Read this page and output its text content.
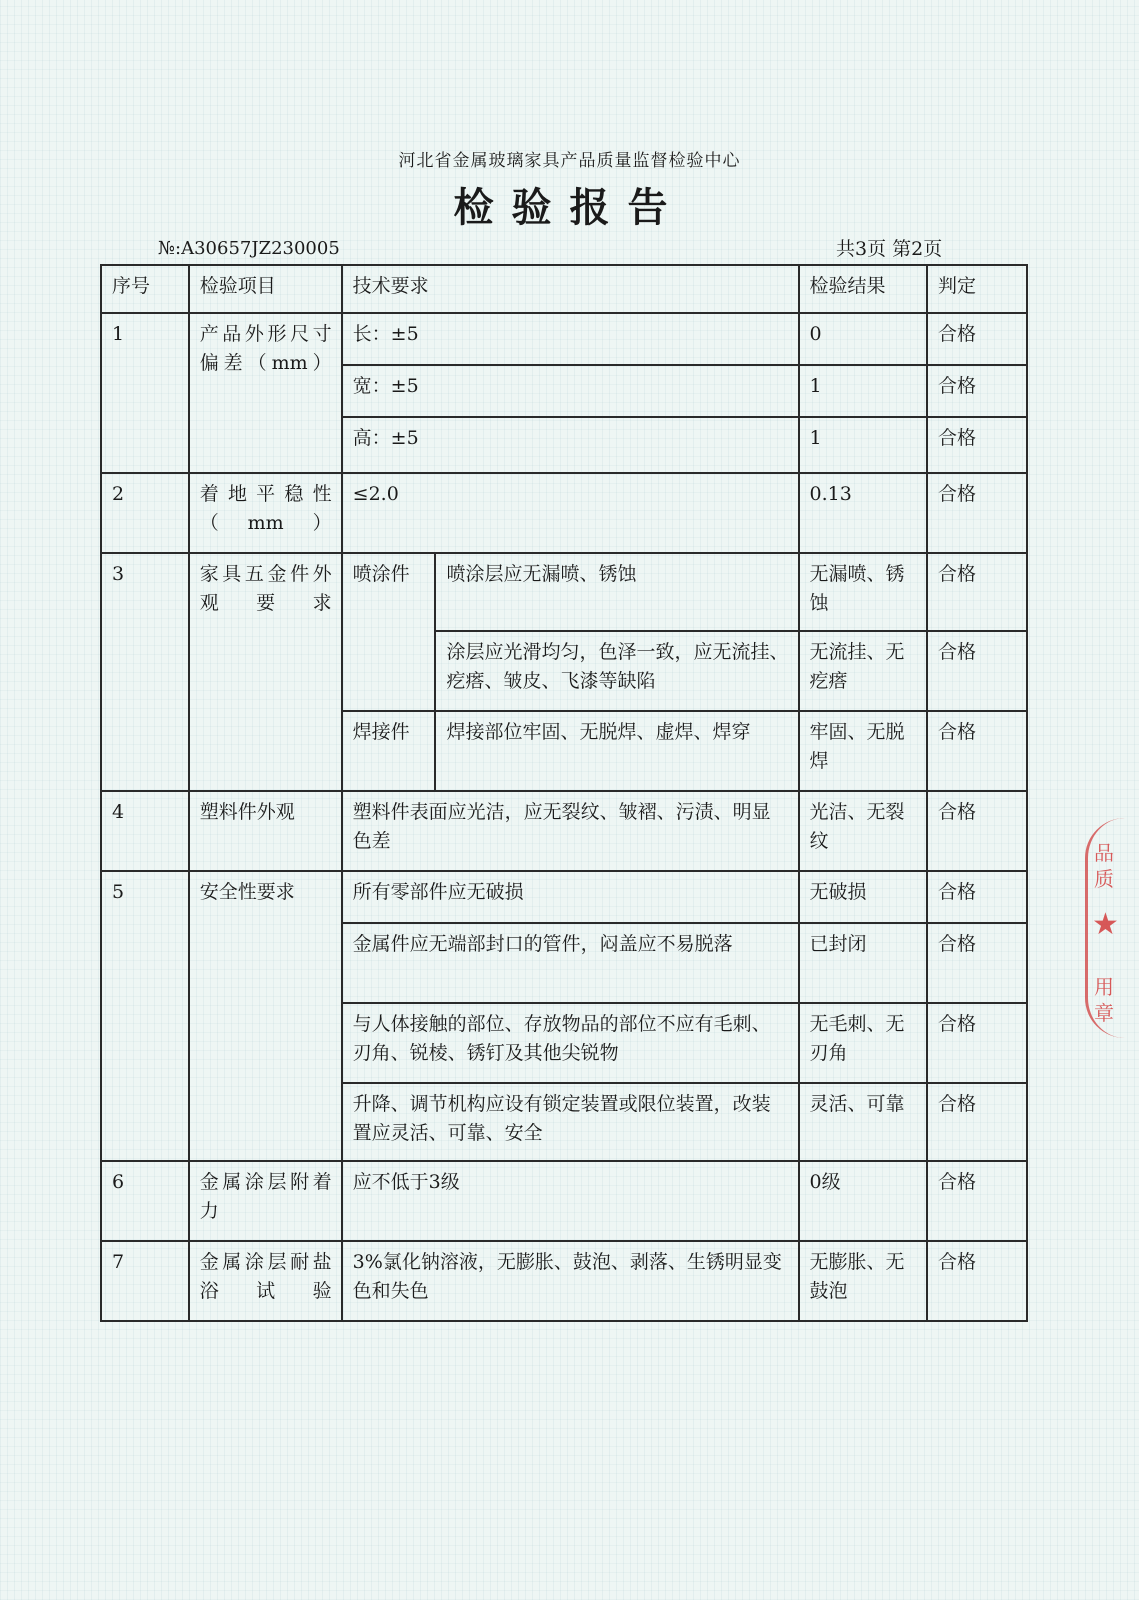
河北省金属玻璃家具产品质量监督检验中心
检验报告
№:A30657JZ230005	共3页 第2页
序号	检验项目	技术要求		检验结果	判定
1	产品外形尺寸偏差（mm）	长：±5		0	合格
		宽：±5		1	合格
		高：±5		1	合格
2	着地平稳性（mm）	≤2.0		0.13	合格
3	家具五金件外观要求	喷涂件	喷涂层应无漏喷、锈蚀	无漏喷、锈蚀	合格
			涂层应光滑均匀，色泽一致，应无流挂、疙瘩、皱皮、飞漆等缺陷	无流挂、无疙瘩	合格
		焊接件	焊接部位牢固、无脱焊、虚焊、焊穿	牢固、无脱焊	合格
4	塑料件外观	塑料件表面应光洁，应无裂纹、皱褶、污渍、明显色差		光洁、无裂纹	合格
5	安全性要求	所有零部件应无破损		无破损	合格
		金属件应无端部封口的管件，闷盖应不易脱落		已封闭	合格
		与人体接触的部位、存放物品的部位不应有毛刺、刃角、锐棱、锈钉及其他尖锐物		无毛刺、无刃角	合格
		升降、调节机构应设有锁定装置或限位装置，改装置应灵活、可靠、安全		灵活、可靠	合格
6	金属涂层附着力	应不低于3级		0级	合格
7	金属涂层耐盐浴试验	3%氯化钠溶液，无膨胀、鼓泡、剥落、生锈明显变色和失色		无膨胀、无鼓泡	合格
品质
★
用章
